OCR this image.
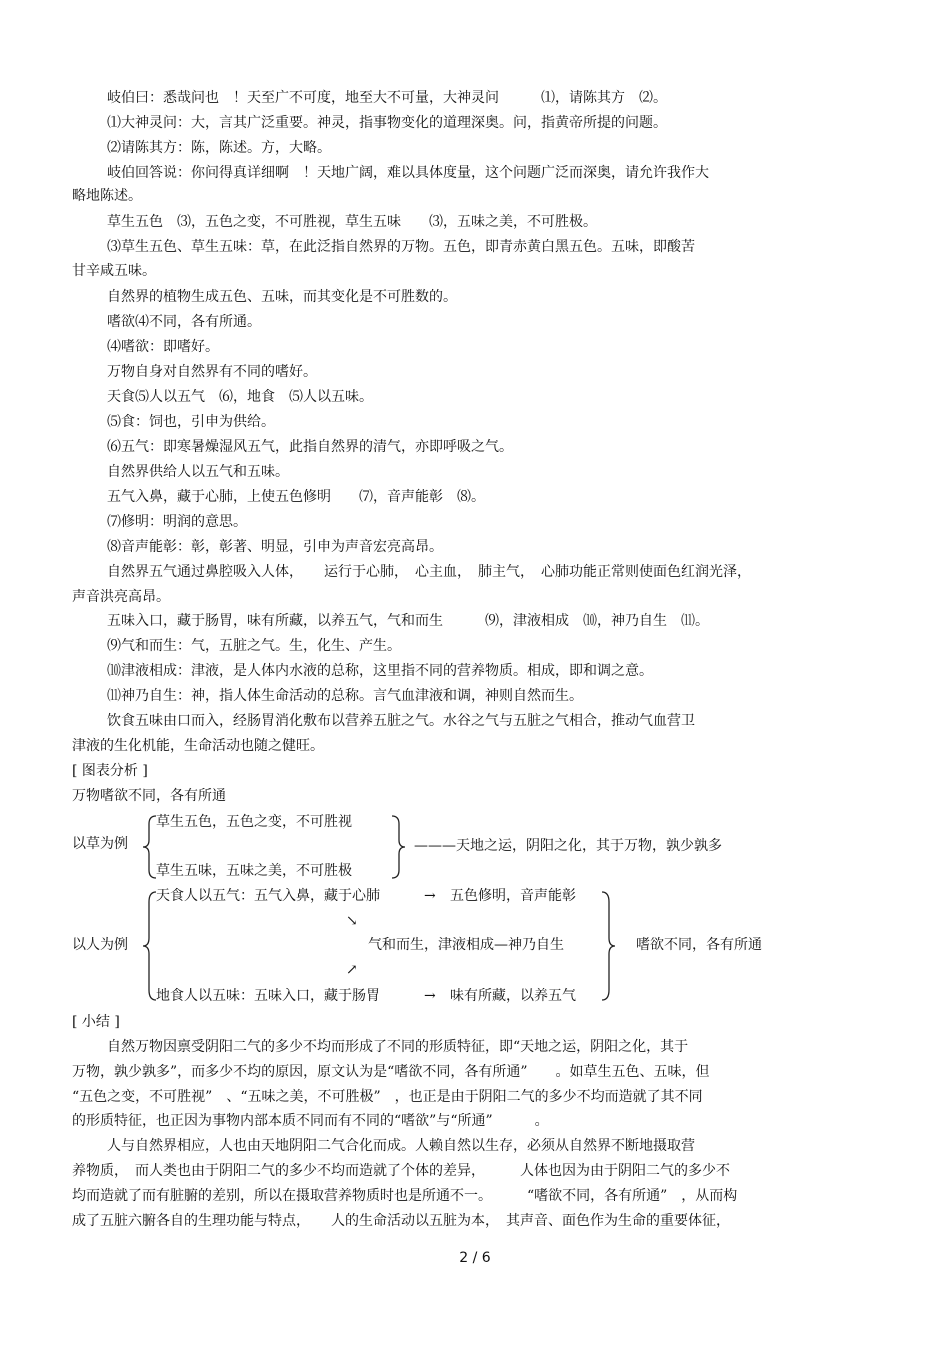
岐伯曰：悉哉问也　！天至广不可度，地至大不可量，大神灵问　　　⑴，请陈其方　⑵。
⑴大神灵问：大，言其广泛重要。神灵，指事物变化的道理深奥。问，指黄帝所提的问题。
⑵请陈其方：陈，陈述。方，大略。
岐伯回答说：你问得真详细啊　！天地广阔，难以具体度量，这个问题广泛而深奥，请允许我作大
略地陈述。
草生五色　⑶，五色之变，不可胜视，草生五味　　⑶，五味之美，不可胜极。
⑶草生五色、草生五味：草，在此泛指自然界的万物。五色，即青赤黄白黑五色。五味，即酸苦
甘辛咸五味。
自然界的植物生成五色、五味，而其变化是不可胜数的。
嗜欲⑷不同，各有所通。
⑷嗜欲：即嗜好。
万物自身对自然界有不同的嗜好。
天食⑸人以五气　⑹，地食　⑸人以五味。
⑸食：饲也，引申为供给。
⑹五气：即寒暑燥湿风五气，此指自然界的清气，亦即呼吸之气。
自然界供给人以五气和五味。
五气入鼻，藏于心肺，上使五色修明　　⑺，音声能彰　⑻。
⑺修明：明润的意思。
⑻音声能彰：彰，彰著、明显，引申为声音宏亮高昂。
自然界五气通过鼻腔吸入人体，　　运行于心肺，　心主血，　肺主气，　心肺功能正常则使面色红润光泽，
声音洪亮高昂。
五味入口，藏于肠胃，味有所藏，以养五气，气和而生　　　⑼，津液相成　⑽，神乃自生　⑾。
⑼气和而生：气，五脏之气。生，化生、产生。
⑽津液相成：津液，是人体内水液的总称，这里指不同的营养物质。相成，即和调之意。
⑾神乃自生：神，指人体生命活动的总称。言气血津液和调，神则自然而生。
饮食五味由口而入，经肠胃消化敷布以营养五脏之气。水谷之气与五脏之气相合，推动气血营卫
津液的生化机能，生命活动也随之健旺。
[ 图表分析 ]
万物嗜欲不同，各有所通
以草为例
草生五色，五色之变，不可胜视
草生五味，五味之美，不可胜极
———天地之运，阴阳之化，其于万物，孰少孰多
以人为例
天食人以五气：五气入鼻，藏于心肺	→ 五色修明，音声能彰
↘
气和而生，津液相成—神乃自生
↗
地食人以五味：五味入口，藏于肠胃	→ 味有所藏，以养五气
嗜欲不同，各有所通
[ 小结 ]
自然万物因禀受阴阳二气的多少不均而形成了不同的形质特征，即“天地之运，阴阳之化，其于
万物，孰少孰多”，而多少不均的原因，原文认为是“嗜欲不同，各有所通”　　。如草生五色、五味，但
“五色之变，不可胜视”　、“五味之美，不可胜极”　，也正是由于阴阳二气的多少不均而造就了其不同
的形质特征，也正因为事物内部本质不同而有不同的“嗜欲”与“所通”　　　。
人与自然界相应，人也由天地阴阳二气合化而成。人赖自然以生存，必须从自然界不断地摄取营
养物质，　而人类也由于阴阳二气的多少不均而造就了个体的差异，　　　人体也因为由于阴阳二气的多少不
均而造就了而有脏腑的差别，所以在摄取营养物质时也是所通不一。　　　“嗜欲不同，各有所通”　，从而构
成了五脏六腑各自的生理功能与特点，　　人的生命活动以五脏为本，　其声音、面色作为生命的重要体征，
2 / 6
